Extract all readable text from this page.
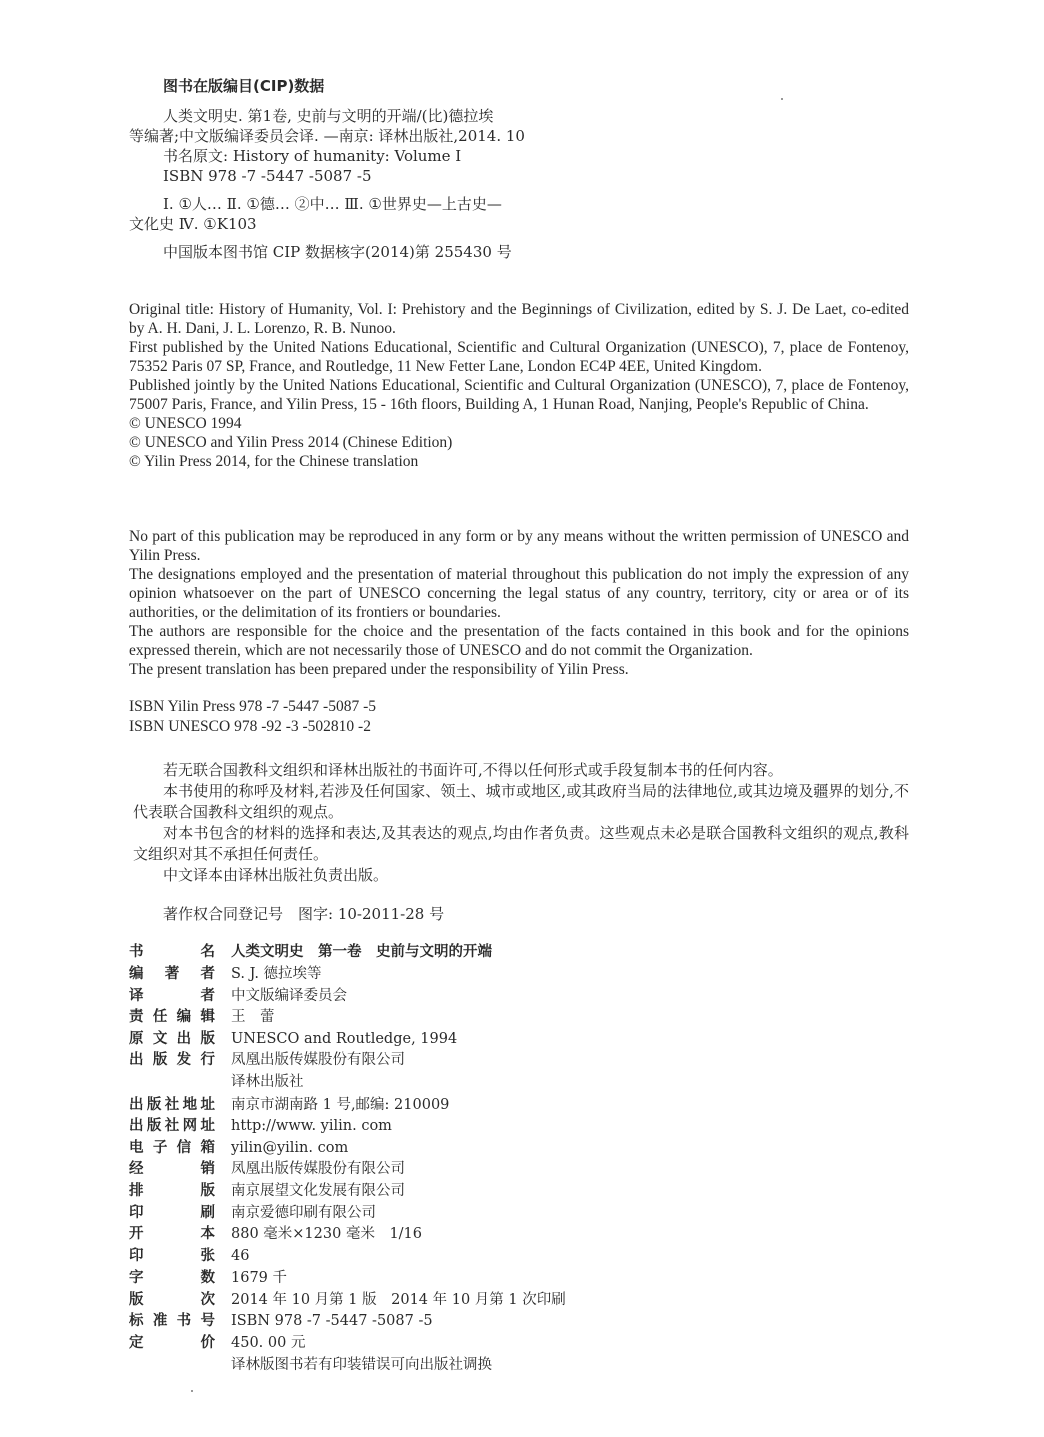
图书在版编目(CIP)数据
人类文明史. 第1卷, 史前与文明的开端/(比)德拉埃
等编著;中文版编译委员会译. —南京: 译林出版社,2014. 10
书名原文: History of humanity: Volume Ⅰ
ISBN 978 -7 -5447 -5087 -5
Ⅰ. ①人… Ⅱ. ①德… ②中… Ⅲ. ①世界史—上古史—
文化史 Ⅳ. ①K103
中国版本图书馆 CIP 数据核字(2014)第 255430 号

Original title: History of Humanity, Vol. I: Prehistory and the Beginnings of Civilization, edited by S. J. De Laet, co-edited by A. H. Dani, J. L. Lorenzo, R. B. Nunoo.

First published by the United Nations Educational, Scientific and Cultural Organization (UNESCO), 7, place de Fontenoy, 75352 Paris 07 SP, France, and Routledge, 11 New Fetter Lane, London EC4P 4EE, United Kingdom.

Published jointly by the United Nations Educational, Scientific and Cultural Organization (UNESCO), 7, place de Fontenoy, 75007 Paris, France, and Yilin Press, 15 - 16th floors, Building A, 1 Hunan Road, Nanjing, People's Republic of China.

© UNESCO 1994

© UNESCO and Yilin Press 2014 (Chinese Edition)

© Yilin Press 2014, for the Chinese translation

No part of this publication may be reproduced in any form or by any means without the written permission of UNESCO and Yilin Press.

The designations employed and the presentation of material throughout this publication do not imply the expression of any opinion whatsoever on the part of UNESCO concerning the legal status of any country, territory, city or area or of its authorities, or the delimitation of its frontiers or boundaries.

The authors are responsible for the choice and the presentation of the facts contained in this book and for the opinions expressed therein, which are not necessarily those of UNESCO and do not commit the Organization.

The present translation has been prepared under the responsibility of Yilin Press.

ISBN Yilin Press 978 -7 -5447 -5087 -5
ISBN UNESCO 978 -92 -3 -502810 -2

若无联合国教科文组织和译林出版社的书面许可,不得以任何形式或手段复制本书的任何内容。

本书使用的称呼及材料,若涉及任何国家、领土、城市或地区,或其政府当局的法律地位,或其边境及疆界的划分,不代表联合国教科文组织的观点。

对本书包含的材料的选择和表达,及其表达的观点,均由作者负责。这些观点未必是联合国教科文组织的观点,教科文组织对其不承担任何责任。

中文译本由译林出版社负责出版。

著作权合同登记号　图字: 10-2011-28 号
书名 人类文明史　第一卷　史前与文明的开端
编著者 S. J. 德拉埃等
译者 中文版编译委员会
责任编辑 王　蕾
原文出版 UNESCO and Routledge, 1994
出版发行 凤凰出版传媒股份有限公司
译林出版社
出版社地址 南京市湖南路 1 号,邮编: 210009
出版社网址 http://www. yilin. com
电子信箱 yilin@yilin. com
经销 凤凰出版传媒股份有限公司
排版 南京展望文化发展有限公司
印刷 南京爱德印刷有限公司
开本 880 毫米×1230 毫米　1/16
印张 46
字数 1679 千
版次 2014 年 10 月第 1 版　2014 年 10 月第 1 次印刷
标准书号 ISBN 978 -7 -5447 -5087 -5
定价 450. 00 元
译林版图书若有印装错误可向出版社调换
